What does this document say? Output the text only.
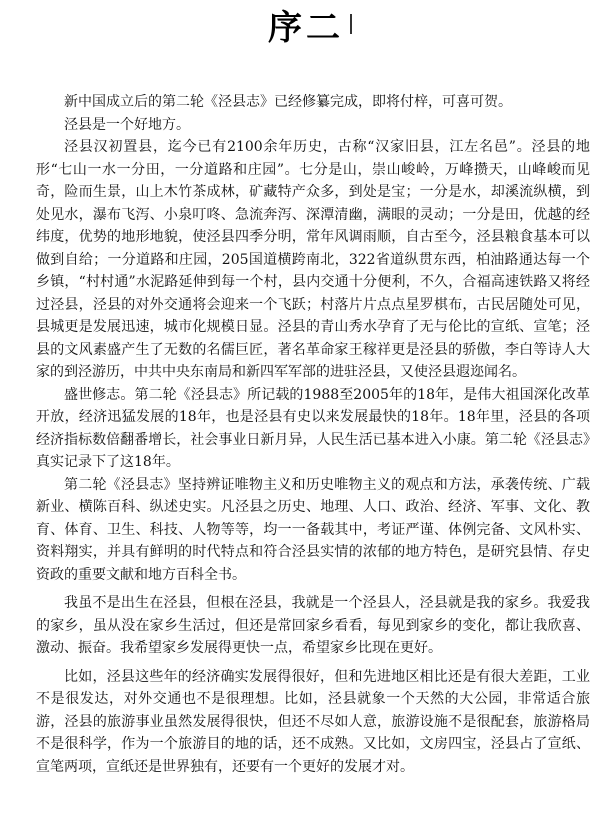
序二

新中国成立后的第二轮《泾县志》已经修纂完成，即将付梓，可喜可贺。

泾县是一个好地方。

泾县汉初置县，迄今已有2100余年历史，古称“汉家旧县，江左名邑”。泾县的地形“七山一水一分田，一分道路和庄园”。七分是山，崇山峻岭，万峰攒天，山峰峻而见奇，险而生景，山上木竹茶成林，矿藏特产众多，到处是宝；一分是水，却溪流纵横，到处见水，瀑布飞泻、小泉叮咚、急流奔泻、深潭清幽，满眼的灵动；一分是田，优越的经纬度，优势的地形地貌，使泾县四季分明，常年风调雨顺，自古至今，泾县粮食基本可以做到自给；一分道路和庄园，205国道横跨南北，322省道纵贯东西，柏油路通达每一个乡镇，“村村通”水泥路延伸到每一个村，县内交通十分便利，不久，合福高速铁路又将经过泾县，泾县的对外交通将会迎来一个飞跃；村落片片点点星罗棋布，古民居随处可见，县城更是发展迅速，城市化规模日显。泾县的青山秀水孕育了无与伦比的宣纸、宣笔；泾县的文风素盛产生了无数的名儒巨匠，著名革命家王稼祥更是泾县的骄傲，李白等诗人大家的到泾游历，中共中央东南局和新四军军部的进驻泾县，又使泾县遐迩闻名。

盛世修志。第二轮《泾县志》所记载的1988至2005年的18年，是伟大祖国深化改革开放，经济迅猛发展的18年，也是泾县有史以来发展最快的18年。18年里，泾县的各项经济指标数倍翻番增长，社会事业日新月异，人民生活已基本进入小康。第二轮《泾县志》真实记录下了这18年。

第二轮《泾县志》坚持辨证唯物主义和历史唯物主义的观点和方法，承袭传统、广载新业、横陈百科、纵述史实。凡泾县之历史、地理、人口、政治、经济、军事、文化、教育、体育、卫生、科技、人物等等，均一一备载其中，考证严谨、体例完备、文风朴实、资料翔实，并具有鲜明的时代特点和符合泾县实情的浓郁的地方特色，是研究县情、存史资政的重要文献和地方百科全书。

我虽不是出生在泾县，但根在泾县，我就是一个泾县人，泾县就是我的家乡。我爱我的家乡，虽从没在家乡生活过，但还是常回家乡看看，每见到家乡的变化，都让我欣喜、激动、振奋。我希望家乡发展得更快一点，希望家乡比现在更好。

比如，泾县这些年的经济确实发展得很好，但和先进地区相比还是有很大差距，工业不是很发达，对外交通也不是很理想。比如，泾县就象一个天然的大公园，非常适合旅游，泾县的旅游事业虽然发展得很快，但还不尽如人意，旅游设施不是很配套，旅游格局不是很科学，作为一个旅游目的地的话，还不成熟。又比如，文房四宝，泾县占了宣纸、宣笔两项，宣纸还是世界独有，还要有一个更好的发展才对。
